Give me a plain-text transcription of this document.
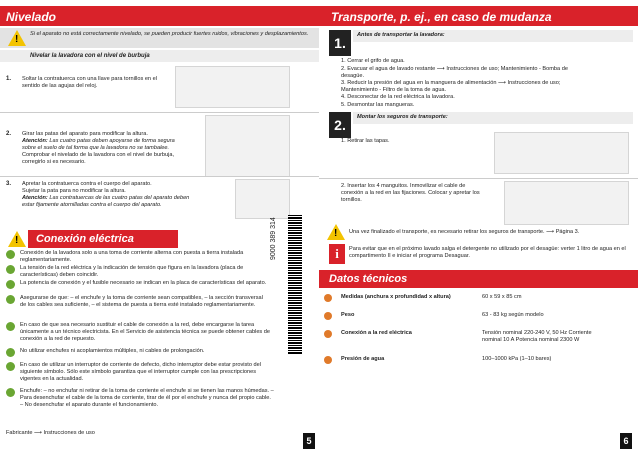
Nivelado
! Si el aparato no está correctamente nivelado, se pueden producir fuertes ruidos, vibraciones y desplazamientos.
Nivelar la lavadora con el nivel de burbuja
1. Soltar la contratuerca con una llave para tornillos en el sentido de las agujas del reloj.
2. Girar las patas del aparato para modificar la altura.
Atención: Las cuatro patas deben apoyarse de forma segura sobre el suelo de tal forma que la lavadora no se tambalee.
Comprobar el nivelado de la lavadora con el nivel de burbuja, corregirlo si es necesario.
3. Apretar la contratuerca contra el cuerpo del aparato.
Sujetar la pata para no modificar la altura.
Atención: Las contratuercas de las cuatro patas del aparato deben estar fijamente atornilladas contra el cuerpo del aparato.
!	Conexión eléctrica
Conexión de la lavadora solo a una toma de corriente alterna con puesta a tierra instalada reglamentariamente.
La tensión de la red eléctrica y la indicación de tensión que figura en la lavadora (placa de características) deben coincidir.
La potencia de conexión y el fusible necesario se indican en la placa de características del aparato.
Asegurarse de que: – el enchufe y la toma de corriente sean compatibles, – la sección transversal de los cables sea suficiente, – el sistema de puesta a tierra esté instalado reglamentariamente.
En caso de que sea necesario sustituir el cable de conexión a la red, debe encargarse la tarea únicamente a un técnico electricista. En el Servicio de asistencia técnica se puede obtener cables de conexión a la red de repuesto.
No utilizar enchufes ni acoplamientos múltiples, ni cables de prolongación.
En caso de utilizar un interruptor de corriente de defecto, dicho interruptor debe estar provisto del siguiente símbolo. Sólo este símbolo garantiza que el interruptor cumple con las prescripciones vigentes en la actualidad.
Enchufe: – no enchufar ni retirar de la toma de corriente el enchufe si se tienen las manos húmedas. – Para desenchufar el cable de la toma de corriente, tirar de él por el enchufe y nunca del propio cable. – No desenchufar el aparato durante el funcionamiento.
Fabricante ⟶ Instrucciones de uso
9000 389 314
5
Transporte, p. ej., en caso de mudanza
1.	Antes de transportar la lavadora:
1. Cerrar el grifo de agua.
2. Evacuar el agua de lavado restante ⟶ Instrucciones de uso; Mantenimiento - Bomba de desagüe.
3. Reducir la presión del agua en la manguera de alimentación ⟶ Instrucciones de uso; Mantenimiento - Filtro de la toma de agua.
4. Desconectar de la red eléctrica la lavadora.
5. Desmontar las mangueras.
2.	Montar los seguros de transporte:
1. Retirar las tapas.
2. Insertar los 4 manguitos. Inmovilizar el cable de conexión a la red en las fijaciones. Colocar y apretar los tornillos.
! Una vez finalizado el transporte, es necesario retirar los seguros de transporte. ⟶ Página 3.
i	Para evitar que en el próximo lavado salga el detergente no utilizado por el desagüe: verter 1 litro de agua en el compartimento II e iniciar el programa Desaguar.
Datos técnicos
Medidas (anchura x profundidad x altura)	60 x 59 x 85 cm
Peso	63 - 83 kg según modelo
Conexión a la red eléctrica	Tensión nominal 220-240 V, 50 Hz Corriente nominal 10 A Potencia nominal 2300 W
Presión de agua	100–1000 kPa (1–10 bares)
6
